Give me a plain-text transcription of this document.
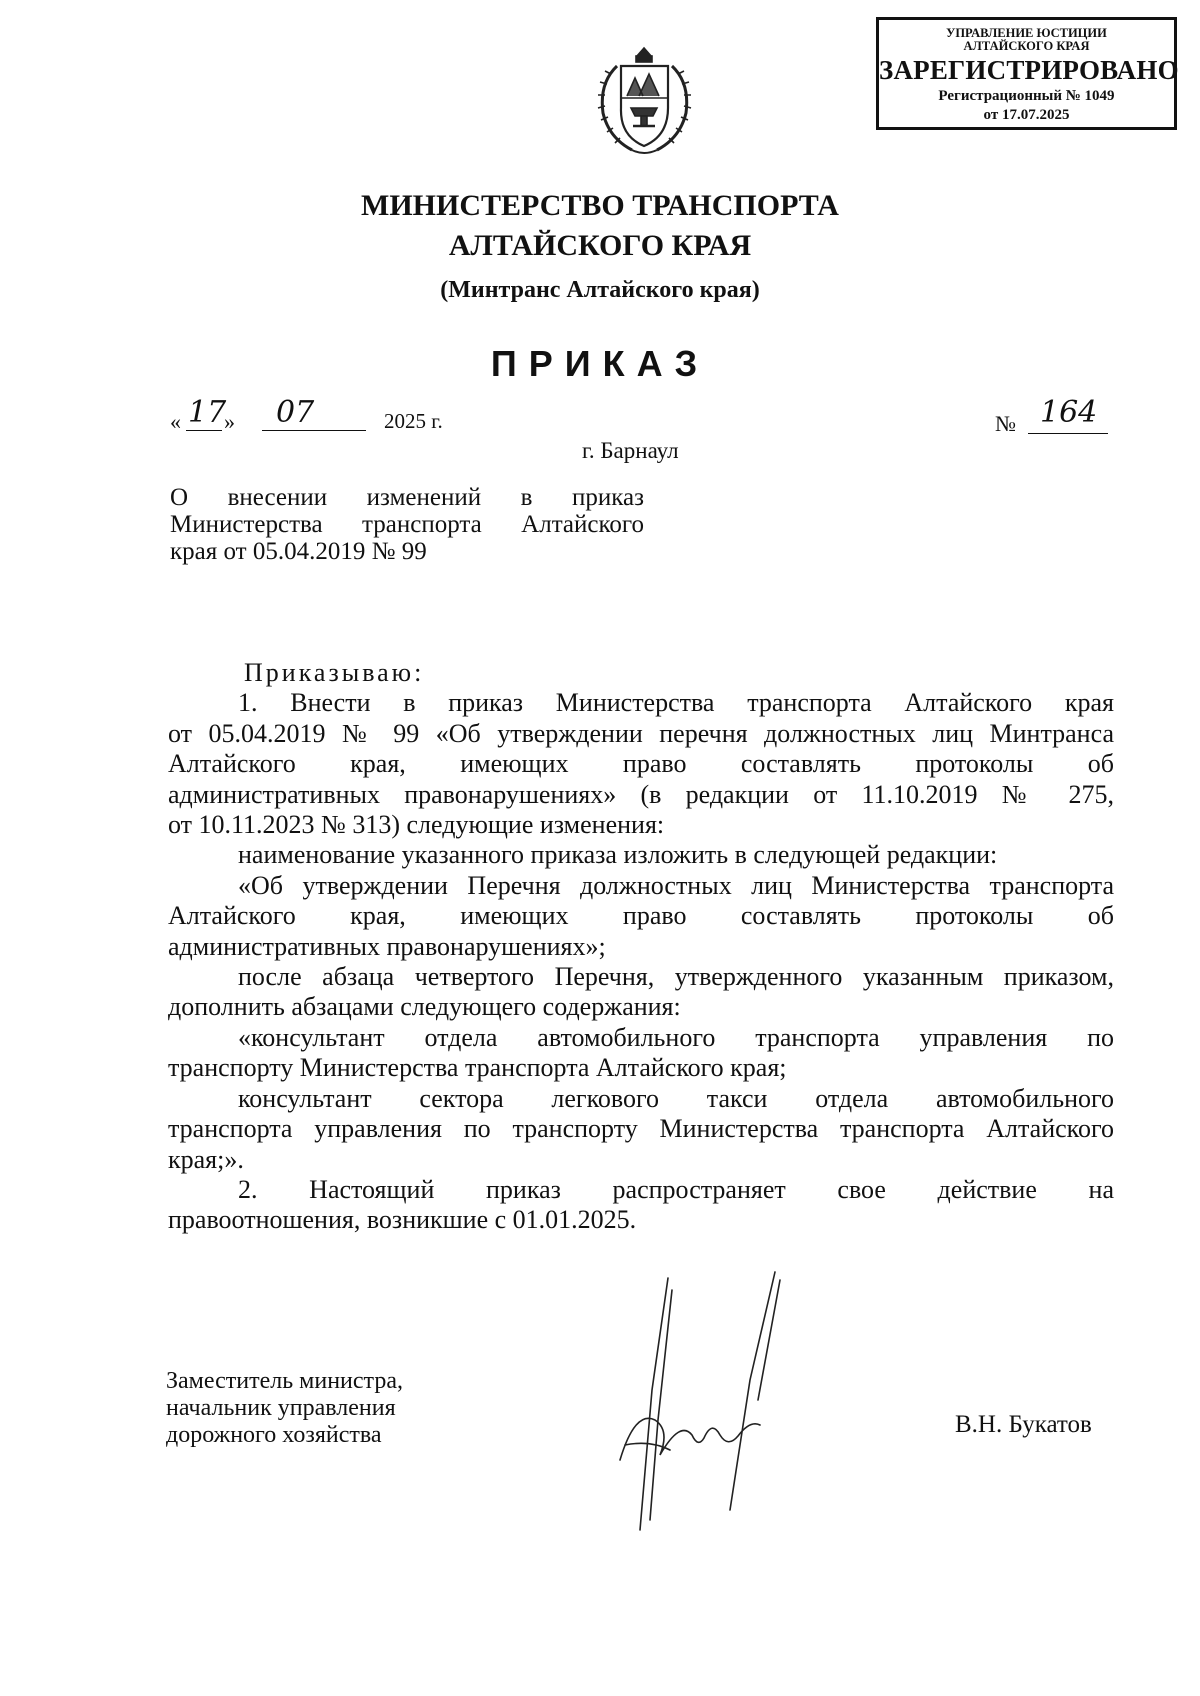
УПРАВЛЕНИЕ ЮСТИЦИИ
АЛТАЙСКОГО КРАЯ
ЗАРЕГИСТРИРОВАНО
Регистрационный № 1049
от 17.07.2025
МИНИСТЕРСТВО ТРАНСПОРТА
АЛТАЙСКОГО КРАЯ
(Минтранс Алтайского края)
ПРИКАЗ
« 17
» 07	2025 г.	№ 164
г. Барнаул
О внесении изменений в приказ
Министерства транспорта Алтайского
края от 05.04.2019 № 99
Приказываю:
1. Внести в приказ Министерства транспорта Алтайского края
от 05.04.2019 № 99 «Об утверждении перечня должностных лиц Минтранса
Алтайского края, имеющих право составлять протоколы об
административных правонарушениях» (в редакции от 11.10.2019 № 275,
от 10.11.2023 № 313) следующие изменения:
наименование указанного приказа изложить в следующей редакции:
«Об утверждении Перечня должностных лиц Министерства транспорта
Алтайского края, имеющих право составлять протоколы об
административных правонарушениях»;
после абзаца четвертого Перечня, утвержденного указанным приказом,
дополнить абзацами следующего содержания:
«консультант отдела автомобильного транспорта управления по
транспорту Министерства транспорта Алтайского края;
консультант сектора легкового такси отдела автомобильного
транспорта управления по транспорту Министерства транспорта Алтайского
края;».
2. Настоящий приказ распространяет свое действие на
правоотношения, возникшие с 01.01.2025.
Заместитель министра,
начальник управления
дорожного хозяйства	В.Н. Букатов
